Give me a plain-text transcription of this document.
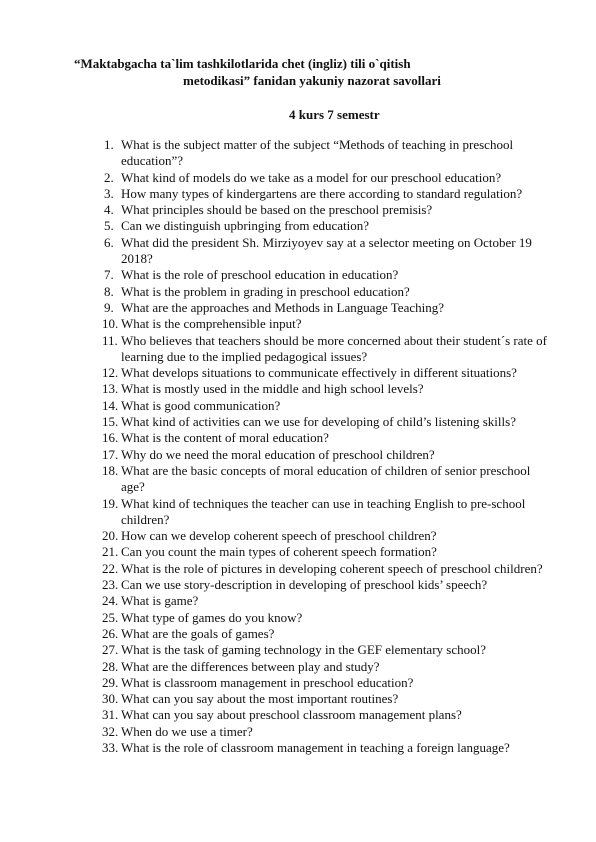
“Maktabgacha ta`lim tashkilotlarida chet (ingliz) tili o`qitish
metodikasi” fanidan yakuniy nazorat savollari
4 kurs 7 semestr
1. What is the subject matter of the subject “Methods of teaching in preschool education”?
2. What kind of models do we take as a model for our preschool education?
3. How many types of kindergartens are there according to standard regulation?
4. What principles should be based on the preschool premisis?
5. Can we distinguish upbringing from education?
6. What did the president Sh. Mirziyoyev say at a selector meeting on October 19 2018?
7. What is the role of preschool education in education?
8. What is the problem in grading in preschool education?
9. What are the approaches and Methods in Language Teaching?
10. What is the comprehensible input?
11. Who believes that teachers should be more concerned about their student´s rate of learning due to the implied pedagogical issues?
12. What develops situations to communicate effectively in different situations?
13. What is mostly used in the middle and high school levels?
14. What is good communication?
15. What kind of activities can we use for developing of child’s listening skills?
16. What is the content of moral education?
17. Why do we need the moral education of preschool children?
18. What are the basic concepts of moral education of children of senior preschool age?
19. What kind of techniques the teacher can use in teaching English to pre-school children?
20. How can we develop coherent speech of preschool children?
21. Can you count the main types of coherent speech formation?
22. What is the role of pictures in developing coherent speech of preschool children?
23. Can we use story-description in developing of preschool kids’ speech?
24. What is game?
25. What type of games do you know?
26. What are the goals of games?
27. What is the task of gaming technology in the GEF elementary school?
28. What are the differences between play and study?
29. What is classroom management in preschool education?
30. What can you say about the most important routines?
31. What can you say about preschool classroom management plans?
32. When do we use a timer?
33. What is the role of classroom management in teaching a foreign language?
